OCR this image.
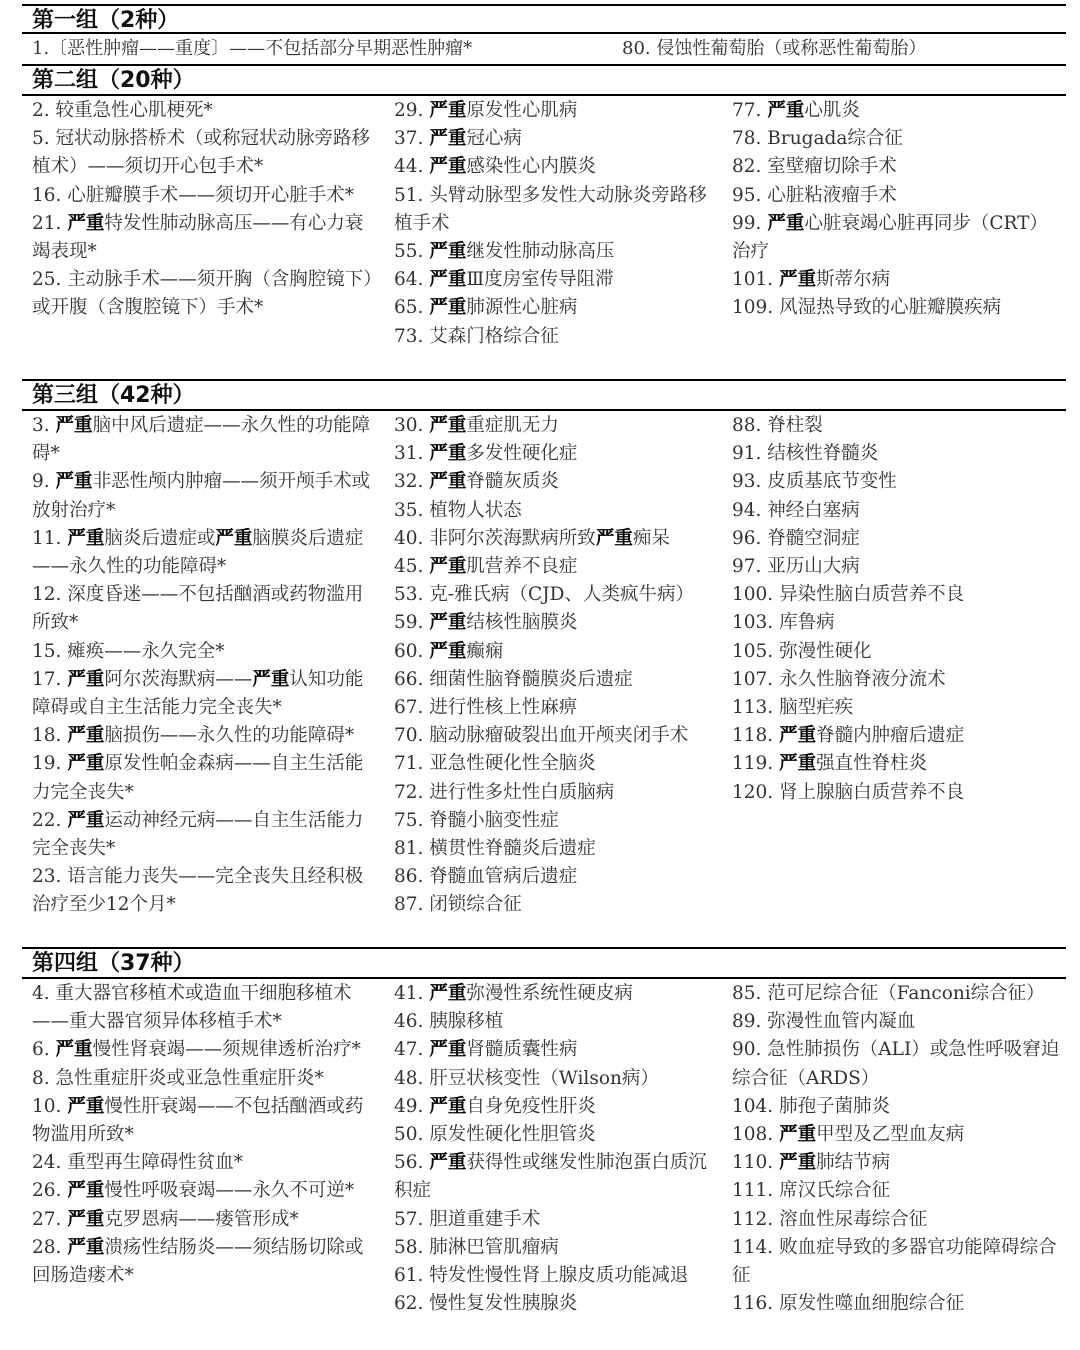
第一组（2种）
1.〔恶性肿瘤——重度〕——不包括部分早期恶性肿瘤*	80. 侵蚀性葡萄胎（或称恶性葡萄胎）
第二组（20种）
2. 较重急性心肌梗死*
5. 冠状动脉搭桥术（或称冠状动脉旁路移植术）——须切开心包手术*
16. 心脏瓣膜手术——须切开心脏手术*
21. 严重特发性肺动脉高压——有心力衰竭表现*
25. 主动脉手术——须开胸（含胸腔镜下）或开腹（含腹腔镜下）手术*
29. 严重原发性心肌病
37. 严重冠心病
44. 严重感染性心内膜炎
51. 头臂动脉型多发性大动脉炎旁路移植手术
55. 严重继发性肺动脉高压
64. 严重Ⅲ度房室传导阻滞
65. 严重肺源性心脏病
73. 艾森门格综合征
77. 严重心肌炎
78. Brugada综合征
82. 室壁瘤切除手术
95. 心脏粘液瘤手术
99. 严重心脏衰竭心脏再同步（CRT）治疗
101. 严重斯蒂尔病
109. 风湿热导致的心脏瓣膜疾病
第三组（42种）
3. 严重脑中风后遗症——永久性的功能障碍*
9. 严重非恶性颅内肿瘤——须开颅手术或放射治疗*
11. 严重脑炎后遗症或严重脑膜炎后遗症——永久性的功能障碍*
12. 深度昏迷——不包括酗酒或药物滥用所致*
15. 瘫痪——永久完全*
17. 严重阿尔茨海默病——严重认知功能障碍或自主生活能力完全丧失*
18. 严重脑损伤——永久性的功能障碍*
19. 严重原发性帕金森病——自主生活能力完全丧失*
22. 严重运动神经元病——自主生活能力完全丧失*
23. 语言能力丧失——完全丧失且经积极治疗至少12个月*
30. 严重重症肌无力
31. 严重多发性硬化症
32. 严重脊髓灰质炎
35. 植物人状态
40. 非阿尔茨海默病所致严重痴呆
45. 严重肌营养不良症
53. 克-雅氏病（CJD、人类疯牛病）
59. 严重结核性脑膜炎
60. 严重癫痫
66. 细菌性脑脊髓膜炎后遗症
67. 进行性核上性麻痹
70. 脑动脉瘤破裂出血开颅夹闭手术
71. 亚急性硬化性全脑炎
72. 进行性多灶性白质脑病
75. 脊髓小脑变性症
81. 横贯性脊髓炎后遗症
86. 脊髓血管病后遗症
87. 闭锁综合征
88. 脊柱裂
91. 结核性脊髓炎
93. 皮质基底节变性
94. 神经白塞病
96. 脊髓空洞症
97. 亚历山大病
100. 异染性脑白质营养不良
103. 库鲁病
105. 弥漫性硬化
107. 永久性脑脊液分流术
113. 脑型疟疾
118. 严重脊髓内肿瘤后遗症
119. 严重强直性脊柱炎
120. 肾上腺脑白质营养不良
第四组（37种）
4. 重大器官移植术或造血干细胞移植术——重大器官须异体移植手术*
6. 严重慢性肾衰竭——须规律透析治疗*
8. 急性重症肝炎或亚急性重症肝炎*
10. 严重慢性肝衰竭——不包括酗酒或药物滥用所致*
24. 重型再生障碍性贫血*
26. 严重慢性呼吸衰竭——永久不可逆*
27. 严重克罗恩病——瘘管形成*
28. 严重溃疡性结肠炎——须结肠切除或回肠造瘘术*
41. 严重弥漫性系统性硬皮病
46. 胰腺移植
47. 严重肾髓质囊性病
48. 肝豆状核变性（Wilson病）
49. 严重自身免疫性肝炎
50. 原发性硬化性胆管炎
56. 严重获得性或继发性肺泡蛋白质沉积症
57. 胆道重建手术
58. 肺淋巴管肌瘤病
61. 特发性慢性肾上腺皮质功能减退
62. 慢性复发性胰腺炎
85. 范可尼综合征（Fanconi综合征）
89. 弥漫性血管内凝血
90. 急性肺损伤（ALI）或急性呼吸窘迫综合征（ARDS）
104. 肺孢子菌肺炎
108. 严重甲型及乙型血友病
110. 严重肺结节病
111. 席汉氏综合征
112. 溶血性尿毒综合征
114. 败血症导致的多器官功能障碍综合征
116. 原发性噬血细胞综合征
